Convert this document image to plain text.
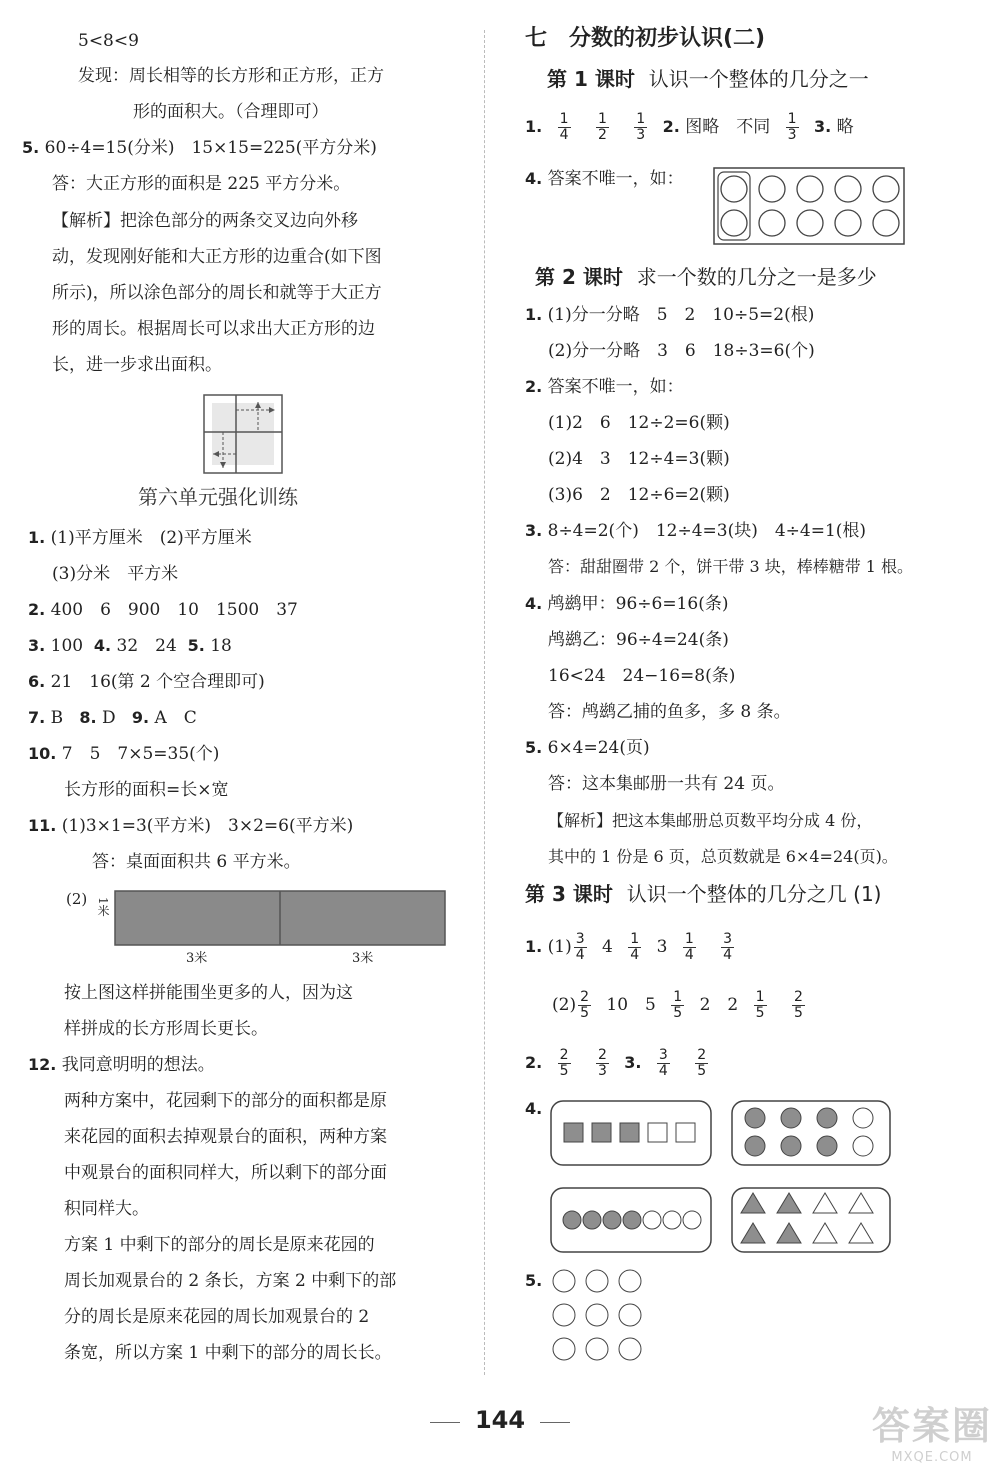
5<8<9
发现：周长相等的长方形和正方形，正方
形的面积大。（合理即可）
5. 60÷4=15(分米)　15×15=225(平方分米)
答：大正方形的面积是 225 平方分米。
【解析】把涂色部分的两条交叉边向外移
动，发现刚好能和大正方形的边重合(如下图
所示)，所以涂色部分的周长和就等于大正方
形的周长。根据周长可以求出大正方形的边
长，进一步求出面积。
第六单元强化训练
1. (1)平方厘米　(2)平方厘米
(3)分米　平方米
2. 400　6　900　10　1500　37
3. 100 4. 32　24 5. 18
6. 21　16(第 2 个空合理即可)
7. B 8. D 9. A　C
10. 7　5　7×5=35(个)
长方形的面积=长×宽
11. (1)3×1=3(平方米)　3×2=6(平方米)
答：桌面面积共 6 平方米。
(2) 1米
3米	3米
按上图这样拼能围坐更多的人，因为这
样拼成的长方形周长更长。
12. 我同意明明的想法。
两种方案中，花园剩下的部分的面积都是原
来花园的面积去掉观景台的面积，两种方案
中观景台的面积同样大，所以剩下的部分面
积同样大。
方案 1 中剩下的部分的周长是原来花园的
周长加观景台的 2 条长，方案 2 中剩下的部
分的周长是原来花园的周长加观景台的 2
条宽，所以方案 1 中剩下的部分的周长长。
七　分数的初步认识(二)
第 1 课时 认识一个整体的几分之一
1. $\frac{1}{4}$
$\frac{1}{2}$
$\frac{1}{3} 2$. 图略　不同 $\frac{1}{3} 3$. 略
4. 答案不唯一，如：
第 2 课时 求一个数的几分之一是多少
1. (1)分一分略　5　2　10÷5=2(根)
(2)分一分略　3　6　18÷3=6(个)
2. 答案不唯一，如：
(1)2　6　12÷2=6(颗)
(2)4　3　12÷4=3(颗)
(3)6　2　12÷6=2(颗)
3. 8÷4=2(个)　12÷4=3(块)　4÷4=1(根)
答：甜甜圈带 2 个，饼干带 3 块，棒棒糖带 1 根。
4. 鸬鹚甲：96÷6=16(条)
鸬鹚乙：96÷4=24(条)
16<24　24−16=8(条)
答：鸬鹚乙捕的鱼多，多 8 条。
5. 6×4=24(页)
答：这本集邮册一共有 24 页。
【解析】把这本集邮册总页数平均分成 4 份，
其中的 1 份是 6 页，总页数就是 6×4=24(页)。
第 3 课时 认识一个整体的几分之几 (1)
1. $(1) \frac{3}{4} 4 \frac{1}{4} 3 \frac{1}{4}$
$\frac{3}{4}$
$(2) \frac{2}{5} 10$　$5 \frac{1}{5} 2$　$2 \frac{1}{5}$
$\frac{2}{5}$
2. $\frac{2}{5}$
$\frac{2}{3} 3$. $\frac{3}{4}$
$\frac{2}{5}$
4.
5.
144	答案圈
MXQE.COM
